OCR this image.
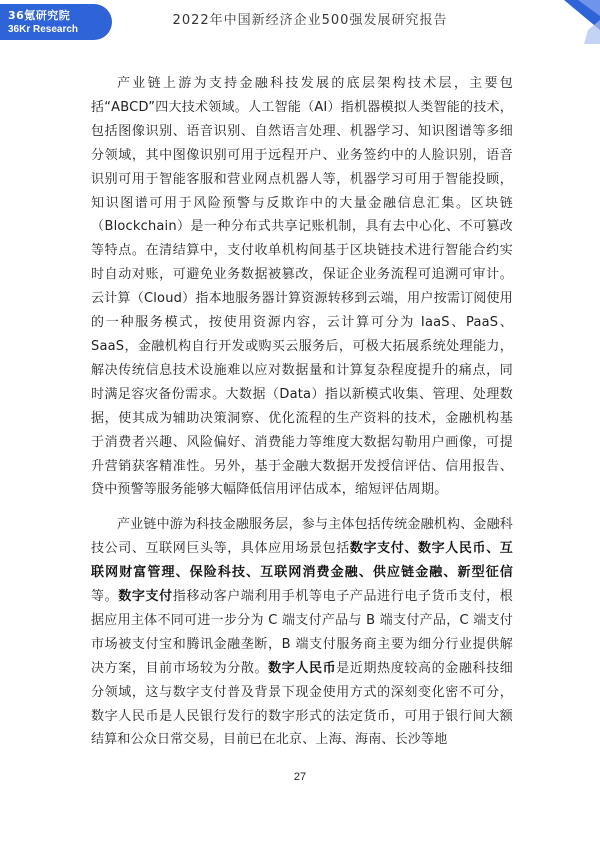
36氪研究院
36Kr Research
2022年中国新经济企业500强发展研究报告

产业链上游为支持金融科技发展的底层架构技术层，主要包括“ABCD”四大技术领域。人工智能（AI）指机器模拟人类智能的技术，包括图像识别、语音识别、自然语言处理、机器学习、知识图谱等多细分领域，其中图像识别可用于远程开户、业务签约中的人脸识别，语音识别可用于智能客服和营业网点机器人等，机器学习可用于智能投顾，知识图谱可用于风险预警与反欺诈中的大量金融信息汇集。区块链（Blockchain）是一种分布式共享记账机制，具有去中心化、不可篡改等特点。在清结算中，支付收单机构间基于区块链技术进行智能合约实时自动对账，可避免业务数据被篡改，保证企业务流程可追溯可审计。云计算（Cloud）指本地服务器计算资源转移到云端，用户按需订阅使用的一种服务模式，按使用资源内容，云计算可分为 IaaS、PaaS、SaaS，金融机构自行开发或购买云服务后，可极大拓展系统处理能力，解决传统信息技术设施难以应对数据量和计算复杂程度提升的痛点，同时满足容灾备份需求。大数据（Data）指以新模式收集、管理、处理数据，使其成为辅助决策洞察、优化流程的生产资料的技术，金融机构基于消费者兴趣、风险偏好、消费能力等维度大数据勾勒用户画像，可提升营销获客精准性。另外，基于金融大数据开发授信评估、信用报告、贷中预警等服务能够大幅降低信用评估成本，缩短评估周期。

产业链中游为科技金融服务层，参与主体包括传统金融机构、金融科技公司、互联网巨头等，具体应用场景包括数字支付、数字人民币、互联网财富管理、保险科技、互联网消费金融、供应链金融、新型征信等。数字支付指移动客户端利用手机等电子产品进行电子货币支付，根据应用主体不同可进一步分为 C 端支付产品与 B 端支付产品，C 端支付市场被支付宝和腾讯金融垄断，B 端支付服务商主要为细分行业提供解决方案，目前市场较为分散。数字人民币是近期热度较高的金融科技细分领域，这与数字支付普及背景下现金使用方式的深刻变化密不可分，数字人民币是人民银行发行的数字形式的法定货币，可用于银行间大额结算和公众日常交易，目前已在北京、上海、海南、长沙等地

27
